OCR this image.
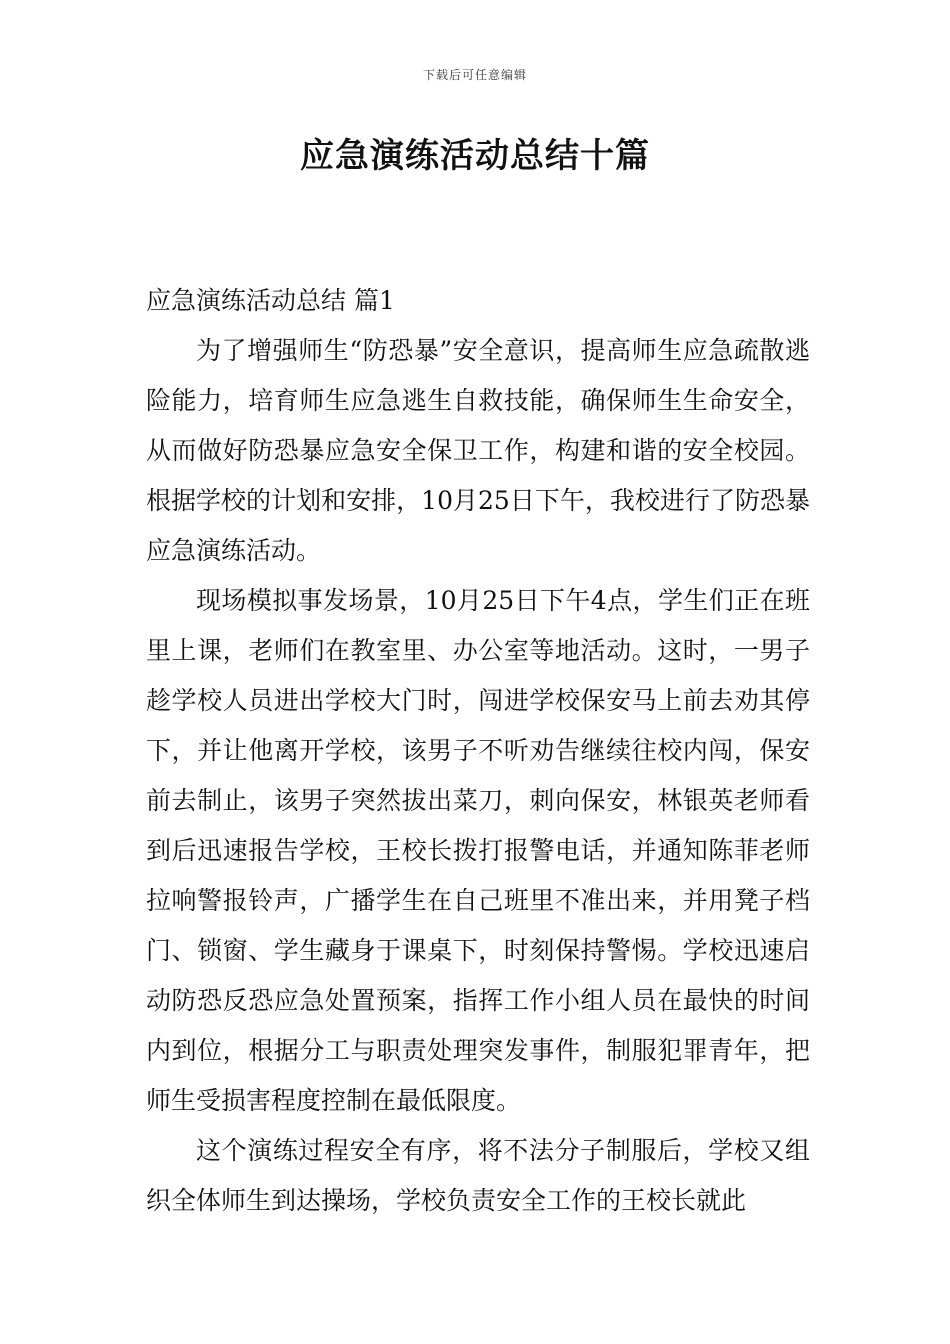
下载后可任意编辑
应急演练活动总结十篇
应急演练活动总结 篇1

为了增强师生“防恐暴”安全意识，提高师生应急疏散逃险能力，培育师生应急逃生自救技能，确保师生生命安全，从而做好防恐暴应急安全保卫工作，构建和谐的安全校园。根据学校的计划和安排，10月25日下午，我校进行了防恐暴应急演练活动。

现场模拟事发场景，10月25日下午4点，学生们正在班里上课，老师们在教室里、办公室等地活动。这时，一男子趁学校人员进出学校大门时，闯进学校保安马上前去劝其停下，并让他离开学校，该男子不听劝告继续往校内闯，保安前去制止，该男子突然拔出菜刀，刺向保安，林银英老师看到后迅速报告学校，王校长拨打报警电话，并通知陈菲老师拉响警报铃声，广播学生在自己班里不准出来，并用凳子档门、锁窗、学生藏身于课桌下，时刻保持警惕。学校迅速启动防恐反恐应急处置预案，指挥工作小组人员在最快的时间内到位，根据分工与职责处理突发事件，制服犯罪青年，把师生受损害程度控制在最低限度。

这个演练过程安全有序，将不法分子制服后，学校又组织全体师生到达操场，学校负责安全工作的王校长就此
